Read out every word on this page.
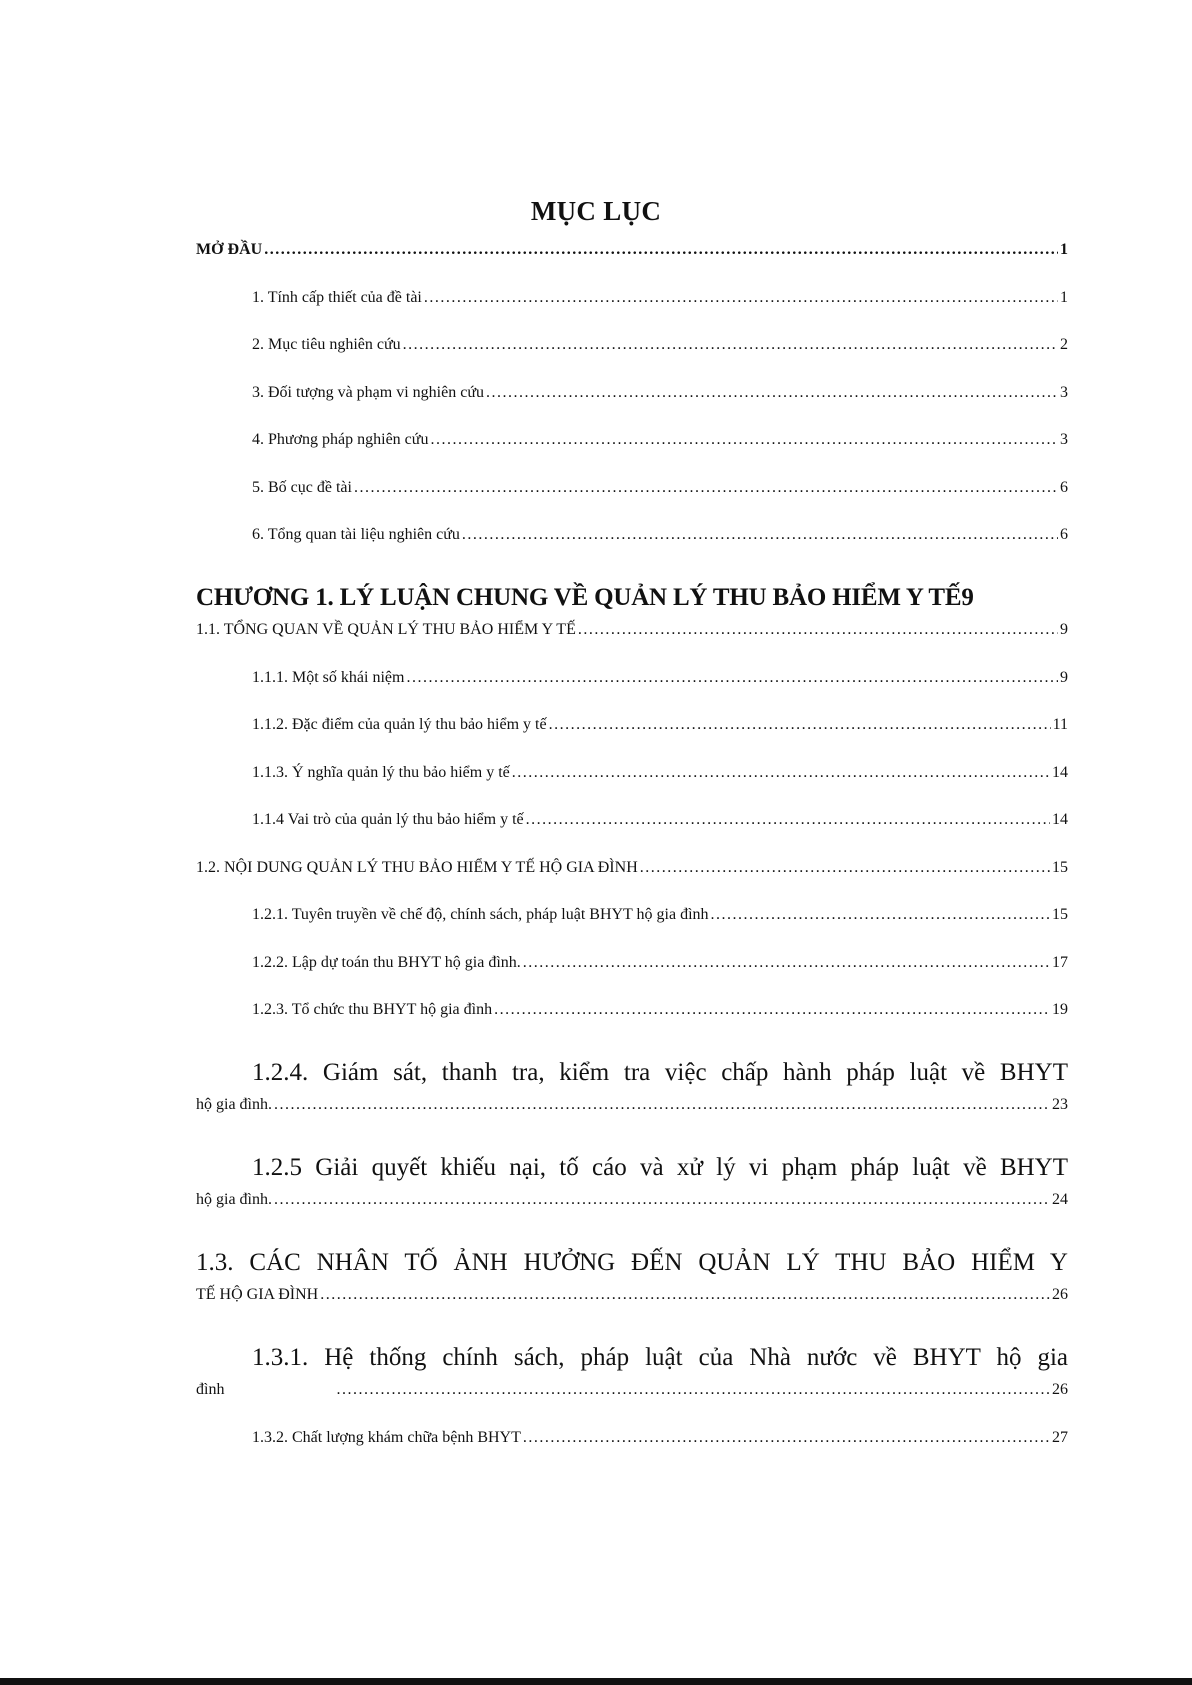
MỤC LỤC
MỞ ĐẦU .....	1
1. Tính cấp thiết của đề tài .....	1
2. Mục tiêu nghiên cứu .....	2
3. Đối tượng và phạm vi nghiên cứu .....	3
4. Phương pháp nghiên cứu .....	3
5. Bố cục đề tài .....	6
6. Tổng quan tài liệu nghiên cứu .....	6
CHƯƠNG 1. LÝ LUẬN CHUNG VỀ QUẢN LÝ THU BẢO HIỂM Y TẾ9
1.1. TỔNG QUAN VỀ QUẢN LÝ THU BẢO HIỂM Y TẾ .....	9
1.1.1. Một số khái niệm .....	9
1.1.2. Đặc điểm của quản lý thu bảo hiểm y tế .....	11
1.1.3. Ý nghĩa quản lý thu bảo hiểm y tế .....	14
1.1.4 Vai trò của quản lý thu bảo hiểm y tế .....	14
1.2. NỘI DUNG QUẢN LÝ THU BẢO HIỂM Y TẾ HỘ GIA ĐÌNH .....	15
1.2.1. Tuyên truyền về chế độ, chính sách, pháp luật BHYT hộ gia đình .....	15
1.2.2. Lập dự toán thu BHYT hộ gia đình. .....	17
1.2.3. Tổ chức thu BHYT hộ gia đình .....	19
1.2.4. Giám sát, thanh tra, kiểm tra việc chấp hành pháp luật về BHYT
hộ gia đình. .....	23
1.2.5 Giải quyết khiếu nại, tố cáo và xử lý vi phạm pháp luật về BHYT
hộ gia đình. .....	24
1.3. CÁC NHÂN TỐ ẢNH HƯỞNG ĐẾN QUẢN LÝ THU BẢO HIỂM Y
TẾ HỘ GIA ĐÌNH .....	26
1.3.1. Hệ thống chính sách, pháp luật của Nhà nước về BHYT hộ gia
đình .....	26
1.3.2. Chất lượng khám chữa bệnh BHYT .....	27
